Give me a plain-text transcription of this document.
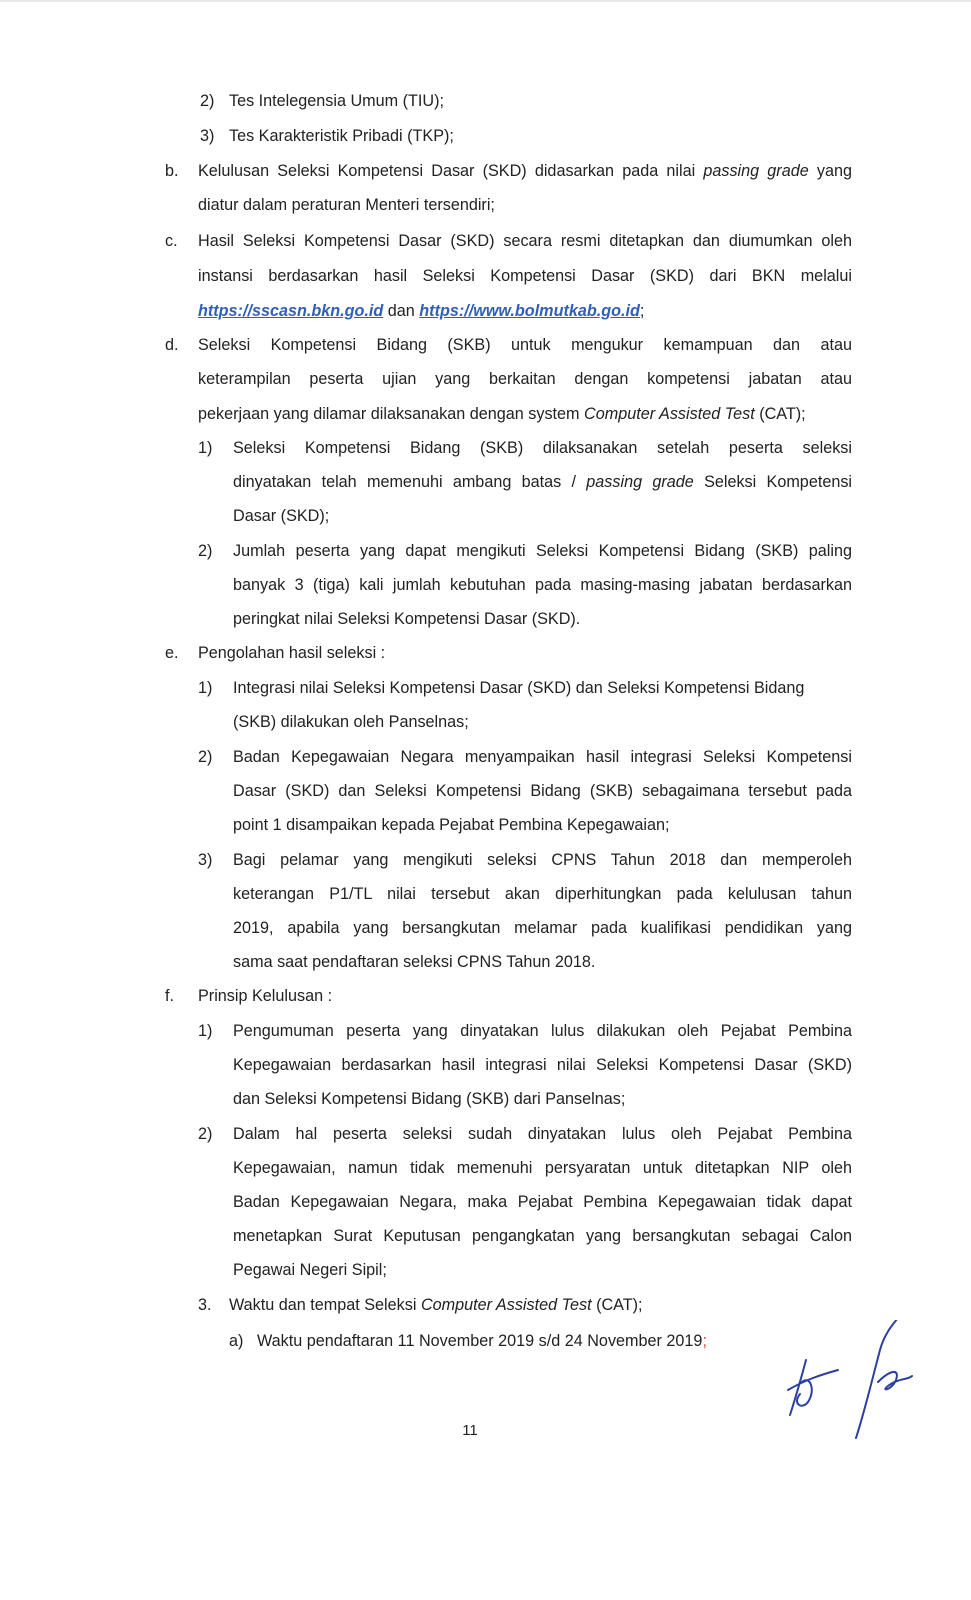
2) Tes Intelegensia Umum (TIU);
3) Tes Karakteristik Pribadi (TKP);
b. Kelulusan Seleksi Kompetensi Dasar (SKD) didasarkan pada nilai passing grade yang
diatur dalam peraturan Menteri tersendiri;
c. Hasil Seleksi Kompetensi Dasar (SKD) secara resmi ditetapkan dan diumumkan oleh
instansi berdasarkan hasil Seleksi Kompetensi Dasar (SKD) dari BKN melalui
https://sscasn.bkn.go.id dan https://www.bolmutkab.go.id;
d. Seleksi Kompetensi Bidang (SKB) untuk mengukur kemampuan dan atau
keterampilan peserta ujian yang berkaitan dengan kompetensi jabatan atau
pekerjaan yang dilamar dilaksanakan dengan system Computer Assisted Test (CAT);
1) Seleksi Kompetensi Bidang (SKB) dilaksanakan setelah peserta seleksi
dinyatakan telah memenuhi ambang batas / passing grade Seleksi Kompetensi
Dasar (SKD);
2) Jumlah peserta yang dapat mengikuti Seleksi Kompetensi Bidang (SKB) paling
banyak 3 (tiga) kali jumlah kebutuhan pada masing-masing jabatan berdasarkan
peringkat nilai Seleksi Kompetensi Dasar (SKD).
e. Pengolahan hasil seleksi :
1) Integrasi nilai Seleksi Kompetensi Dasar (SKD) dan Seleksi Kompetensi Bidang
(SKB) dilakukan oleh Panselnas;
2) Badan Kepegawaian Negara menyampaikan hasil integrasi Seleksi Kompetensi
Dasar (SKD) dan Seleksi Kompetensi Bidang (SKB) sebagaimana tersebut pada
point 1 disampaikan kepada Pejabat Pembina Kepegawaian;
3) Bagi pelamar yang mengikuti seleksi CPNS Tahun 2018 dan memperoleh
keterangan P1/TL nilai tersebut akan diperhitungkan pada kelulusan tahun
2019, apabila yang bersangkutan melamar pada kualifikasi pendidikan yang
sama saat pendaftaran seleksi CPNS Tahun 2018.
f. Prinsip Kelulusan :
1) Pengumuman peserta yang dinyatakan lulus dilakukan oleh Pejabat Pembina
Kepegawaian berdasarkan hasil integrasi nilai Seleksi Kompetensi Dasar (SKD)
dan Seleksi Kompetensi Bidang (SKB) dari Panselnas;
2) Dalam hal peserta seleksi sudah dinyatakan lulus oleh Pejabat Pembina
Kepegawaian, namun tidak memenuhi persyaratan untuk ditetapkan NIP oleh
Badan Kepegawaian Negara, maka Pejabat Pembina Kepegawaian tidak dapat
menetapkan Surat Keputusan pengangkatan yang bersangkutan sebagai Calon
Pegawai Negeri Sipil;
3. Waktu dan tempat Seleksi Computer Assisted Test (CAT);
a) Waktu pendaftaran 11 November 2019 s/d 24 November 2019;
11
